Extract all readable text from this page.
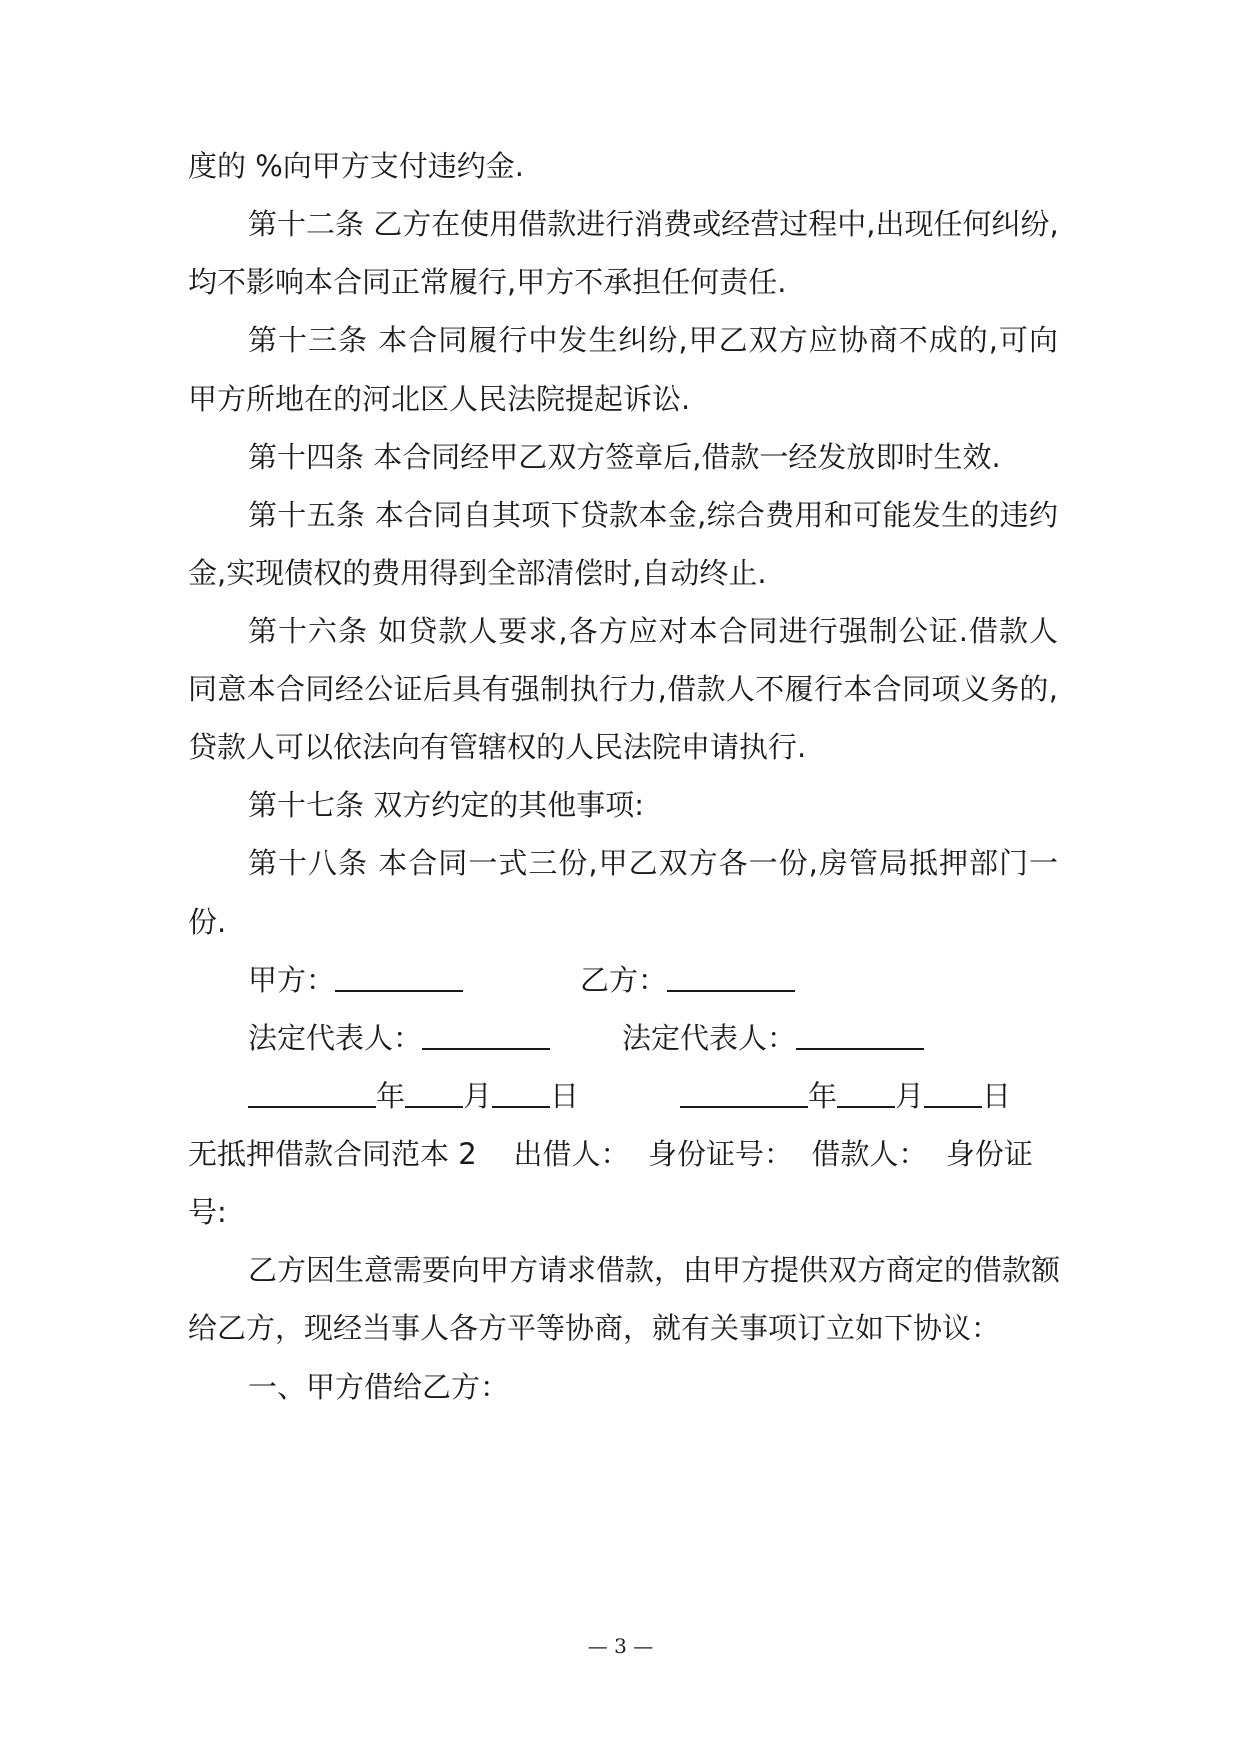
度的 %向甲方支付违约金.
第十二条 乙方在使用借款进行消费或经营过程中,出现任何纠纷,
均不影响本合同正常履行,甲方不承担任何责任.
第十三条 本合同履行中发生纠纷,甲乙双方应协商不成的,可向
甲方所地在的河北区人民法院提起诉讼.
第十四条 本合同经甲乙双方签章后,借款一经发放即时生效.
第十五条 本合同自其项下贷款本金,综合费用和可能发生的违约
金,实现债权的费用得到全部清偿时,自动终止.
第十六条 如贷款人要求,各方应对本合同进行强制公证.借款人
同意本合同经公证后具有强制执行力,借款人不履行本合同项义务的,
贷款人可以依法向有管辖权的人民法院申请执行.
第十七条 双方约定的其他事项:
第十八条 本合同一式三份,甲乙双方各一份,房管局抵押部门一
份.
甲方：	乙方：
法定代表人：	法定代表人：
年 月 日	年 月 日
无抵押借款合同范本 2    出借人：  身份证号：  借款人：  身份证
号:
乙方因生意需要向甲方请求借款，由甲方提供双方商定的借款额
给乙方，现经当事人各方平等协商，就有关事项订立如下协议：
一、甲方借给乙方：
— 3 —
